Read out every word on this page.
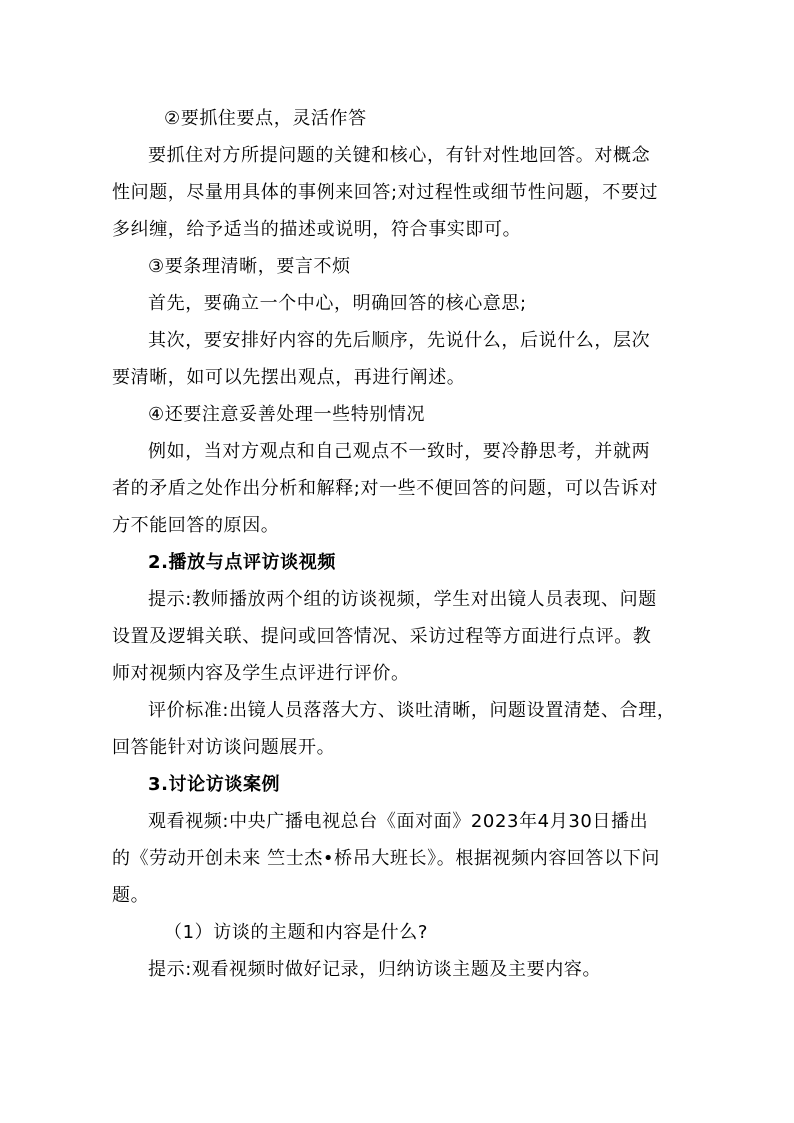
②要抓住要点，灵活作答
要抓住对方所提问题的关键和核心，有针对性地回答。对概念
性问题，尽量用具体的事例来回答;对过程性或细节性问题，不要过
多纠缠，给予适当的描述或说明，符合事实即可。
③要条理清晰，要言不烦
首先，要确立一个中心，明确回答的核心意思;
其次，要安排好内容的先后顺序，先说什么，后说什么，层次
要清晰，如可以先摆出观点，再进行阐述。
④还要注意妥善处理一些特别情况
例如，当对方观点和自己观点不一致时，要冷静思考，并就两
者的矛盾之处作出分析和解释;对一些不便回答的问题，可以告诉对
方不能回答的原因。
2.播放与点评访谈视频
提示:教师播放两个组的访谈视频，学生对出镜人员表现、问题
设置及逻辑关联、提问或回答情况、采访过程等方面进行点评。教
师对视频内容及学生点评进行评价。
评价标准:出镜人员落落大方、谈吐清晰，问题设置清楚、合理，
回答能针对访谈问题展开。
3.讨论访谈案例
观看视频:中央广播电视总台《面对面》2023年4月30日播出
的《劳动开创未来 竺士杰•桥吊大班长》。根据视频内容回答以下问
题。
（1）访谈的主题和内容是什么?
提示:观看视频时做好记录，归纳访谈主题及主要内容。
